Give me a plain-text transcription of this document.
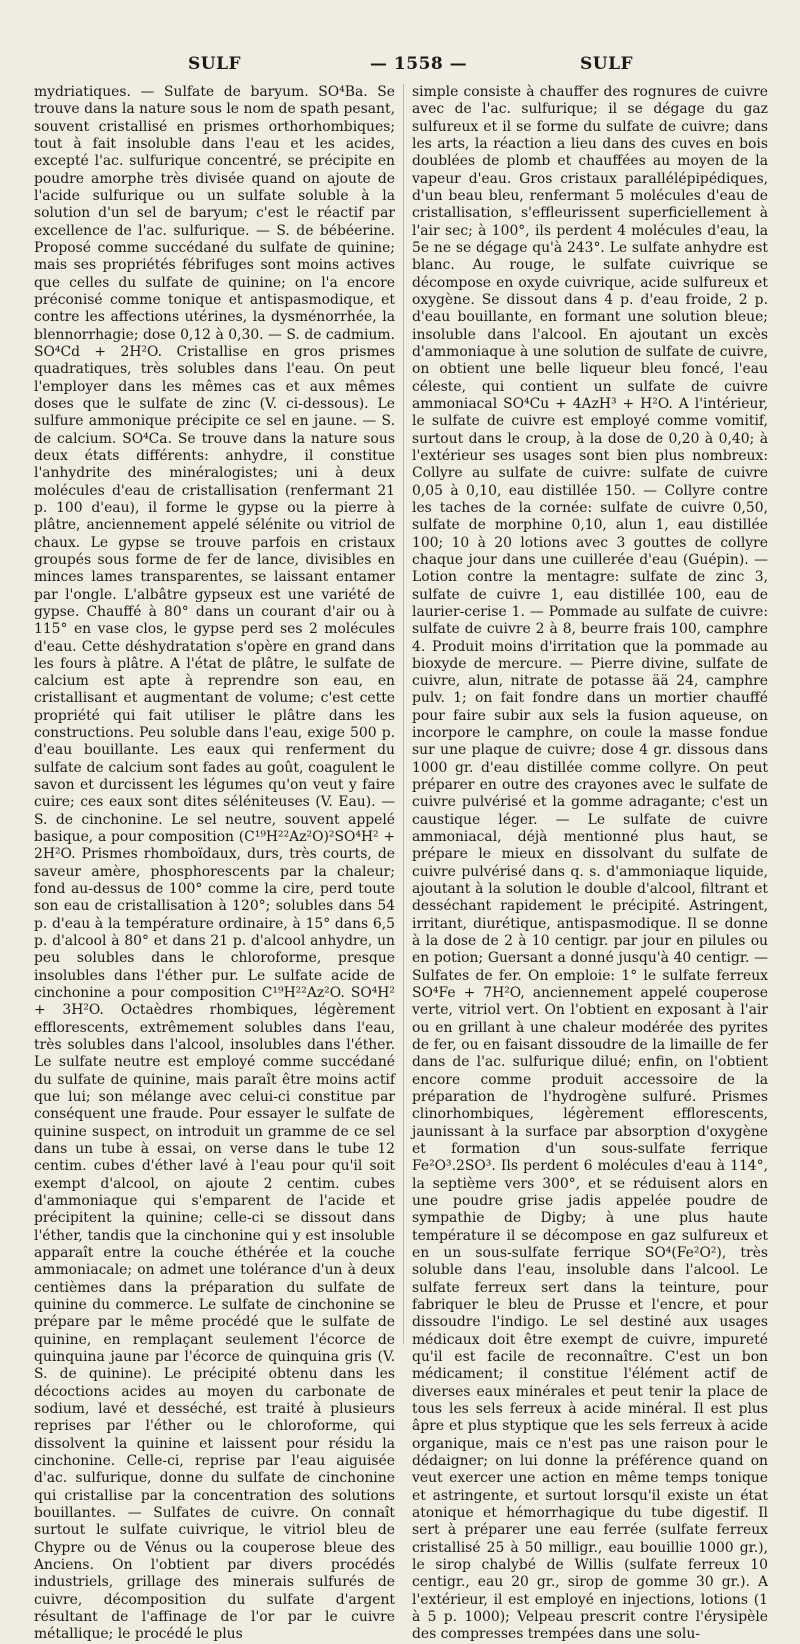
SULF	— 1558 —	SULF

mydriatiques. — Sulfate de baryum. SO⁴Ba. Se trouve dans la nature sous le nom de spath pesant, souvent cristallisé en prismes orthorhombiques; tout à fait insoluble dans l'eau et les acides, excepté l'ac. sulfurique concentré, se précipite en poudre amorphe très divisée quand on ajoute de l'acide sulfurique ou un sulfate soluble à la solution d'un sel de baryum; c'est le réactif par excellence de l'ac. sulfurique. — S. de bébéerine. Proposé comme succédané du sulfate de quinine; mais ses propriétés fébrifuges sont moins actives que celles du sulfate de quinine; on l'a encore préconisé comme tonique et antispasmodique, et contre les affections utérines, la dysménorrhée, la blennorrhagie; dose 0,12 à 0,30. — S. de cadmium. SO⁴Cd + 2H²O. Cristallise en gros prismes quadratiques, très solubles dans l'eau. On peut l'employer dans les mêmes cas et aux mêmes doses que le sulfate de zinc (V. ci-dessous). Le sulfure ammonique précipite ce sel en jaune. — S. de calcium. SO⁴Ca. Se trouve dans la nature sous deux états différents: anhydre, il constitue l'anhydrite des minéralogistes; uni à deux molécules d'eau de cristallisation (renfermant 21 p. 100 d'eau), il forme le gypse ou la pierre à plâtre, anciennement appelé sélénite ou vitriol de chaux. Le gypse se trouve parfois en cristaux groupés sous forme de fer de lance, divisibles en minces lames transparentes, se laissant entamer par l'ongle. L'albâtre gypseux est une variété de gypse. Chauffé à 80° dans un courant d'air ou à 115° en vase clos, le gypse perd ses 2 molécules d'eau. Cette déshydratation s'opère en grand dans les fours à plâtre. A l'état de plâtre, le sulfate de calcium est apte à reprendre son eau, en cristallisant et augmentant de volume; c'est cette propriété qui fait utiliser le plâtre dans les constructions. Peu soluble dans l'eau, exige 500 p. d'eau bouillante. Les eaux qui renferment du sulfate de calcium sont fades au goût, coagulent le savon et durcissent les légumes qu'on veut y faire cuire; ces eaux sont dites séléniteuses (V. Eau). — S. de cinchonine. Le sel neutre, souvent appelé basique, a pour composition (C¹⁹H²²Az²O)²SO⁴H² + 2H²O. Prismes rhomboïdaux, durs, très courts, de saveur amère, phosphorescents par la chaleur; fond au-dessus de 100° comme la cire, perd toute son eau de cristallisation à 120°; solubles dans 54 p. d'eau à la température ordinaire, à 15° dans 6,5 p. d'alcool à 80° et dans 21 p. d'alcool anhydre, un peu solubles dans le chloroforme, presque insolubles dans l'éther pur. Le sulfate acide de cinchonine a pour composition C¹⁹H²²Az²O. SO⁴H² + 3H²O. Octaèdres rhombiques, légèrement efflorescents, extrêmement solubles dans l'eau, très solubles dans l'alcool, insolubles dans l'éther. Le sulfate neutre est employé comme succédané du sulfate de quinine, mais paraît être moins actif que lui; son mélange avec celui-ci constitue par conséquent une fraude. Pour essayer le sulfate de quinine suspect, on introduit un gramme de ce sel dans un tube à essai, on verse dans le tube 12 centim. cubes d'éther lavé à l'eau pour qu'il soit exempt d'alcool, on ajoute 2 centim. cubes d'ammoniaque qui s'emparent de l'acide et précipitent la quinine; celle-ci se dissout dans l'éther, tandis que la cinchonine qui y est insoluble apparaît entre la couche éthérée et la couche ammoniacale; on admet une tolérance d'un à deux centièmes dans la préparation du sulfate de quinine du commerce. Le sulfate de cinchonine se prépare par le même procédé que le sulfate de quinine, en remplaçant seulement l'écorce de quinquina jaune par l'écorce de quinquina gris (V. S. de quinine). Le précipité obtenu dans les décoctions acides au moyen du carbonate de sodium, lavé et desséché, est traité à plusieurs reprises par l'éther ou le chloroforme, qui dissolvent la quinine et laissent pour résidu la cinchonine. Celle-ci, reprise par l'eau aiguisée d'ac. sulfurique, donne du sulfate de cinchonine qui cristallise par la concentration des solutions bouillantes. — Sulfates de cuivre. On connaît surtout le sulfate cuivrique, le vitriol bleu de Chypre ou de Vénus ou la couperose bleue des Anciens. On l'obtient par divers procédés industriels, grillage des minerais sulfurés de cuivre, décomposition du sulfate d'argent résultant de l'affinage de l'or par le cuivre métallique; le procédé le plus

simple consiste à chauffer des rognures de cuivre avec de l'ac. sulfurique; il se dégage du gaz sulfureux et il se forme du sulfate de cuivre; dans les arts, la réaction a lieu dans des cuves en bois doublées de plomb et chauffées au moyen de la vapeur d'eau. Gros cristaux parallélépipédiques, d'un beau bleu, renfermant 5 molécules d'eau de cristallisation, s'effleurissent superficiellement à l'air sec; à 100°, ils perdent 4 molécules d'eau, la 5e ne se dégage qu'à 243°. Le sulfate anhydre est blanc. Au rouge, le sulfate cuivrique se décompose en oxyde cuivrique, acide sulfureux et oxygène. Se dissout dans 4 p. d'eau froide, 2 p. d'eau bouillante, en formant une solution bleue; insoluble dans l'alcool. En ajoutant un excès d'ammoniaque à une solution de sulfate de cuivre, on obtient une belle liqueur bleu foncé, l'eau céleste, qui contient un sulfate de cuivre ammoniacal SO⁴Cu + 4AzH³ + H²O. A l'intérieur, le sulfate de cuivre est employé comme vomitif, surtout dans le croup, à la dose de 0,20 à 0,40; à l'extérieur ses usages sont bien plus nombreux: Collyre au sulfate de cuivre: sulfate de cuivre 0,05 à 0,10, eau distillée 150. — Collyre contre les taches de la cornée: sulfate de cuivre 0,50, sulfate de morphine 0,10, alun 1, eau distillée 100; 10 à 20 lotions avec 3 gouttes de collyre chaque jour dans une cuillerée d'eau (Guépin). — Lotion contre la mentagre: sulfate de zinc 3, sulfate de cuivre 1, eau distillée 100, eau de laurier-cerise 1. — Pommade au sulfate de cuivre: sulfate de cuivre 2 à 8, beurre frais 100, camphre 4. Produit moins d'irritation que la pommade au bioxyde de mercure. — Pierre divine, sulfate de cuivre, alun, nitrate de potasse ää 24, camphre pulv. 1; on fait fondre dans un mortier chauffé pour faire subir aux sels la fusion aqueuse, on incorpore le camphre, on coule la masse fondue sur une plaque de cuivre; dose 4 gr. dissous dans 1000 gr. d'eau distillée comme collyre. On peut préparer en outre des crayones avec le sulfate de cuivre pulvérisé et la gomme adragante; c'est un caustique léger. — Le sulfate de cuivre ammoniacal, déjà mentionné plus haut, se prépare le mieux en dissolvant du sulfate de cuivre pulvérisé dans q. s. d'ammoniaque liquide, ajoutant à la solution le double d'alcool, filtrant et desséchant rapidement le précipité. Astringent, irritant, diurétique, antispasmodique. Il se donne à la dose de 2 à 10 centigr. par jour en pilules ou en potion; Guersant a donné jusqu'à 40 centigr. — Sulfates de fer. On emploie: 1° le sulfate ferreux SO⁴Fe + 7H²O, anciennement appelé couperose verte, vitriol vert. On l'obtient en exposant à l'air ou en grillant à une chaleur modérée des pyrites de fer, ou en faisant dissoudre de la limaille de fer dans de l'ac. sulfurique dilué; enfin, on l'obtient encore comme produit accessoire de la préparation de l'hydrogène sulfuré. Prismes clinorhombiques, légèrement efflorescents, jaunissant à la surface par absorption d'oxygène et formation d'un sous-sulfate ferrique Fe²O³.2SO³. Ils perdent 6 molécules d'eau à 114°, la septième vers 300°, et se réduisent alors en une poudre grise jadis appelée poudre de sympathie de Digby; à une plus haute température il se décompose en gaz sulfureux et en un sous-sulfate ferrique SO⁴(Fe²O²), très soluble dans l'eau, insoluble dans l'alcool. Le sulfate ferreux sert dans la teinture, pour fabriquer le bleu de Prusse et l'encre, et pour dissoudre l'indigo. Le sel destiné aux usages médicaux doit être exempt de cuivre, impureté qu'il est facile de reconnaître. C'est un bon médicament; il constitue l'élément actif de diverses eaux minérales et peut tenir la place de tous les sels ferreux à acide minéral. Il est plus âpre et plus styptique que les sels ferreux à acide organique, mais ce n'est pas une raison pour le dédaigner; on lui donne la préférence quand on veut exercer une action en même temps tonique et astringente, et surtout lorsqu'il existe un état atonique et hémorrhagique du tube digestif. Il sert à préparer une eau ferrée (sulfate ferreux cristallisé 25 à 50 milligr., eau bouillie 1000 gr.), le sirop chalybé de Willis (sulfate ferreux 10 centigr., eau 20 gr., sirop de gomme 30 gr.). A l'extérieur, il est employé en injections, lotions (1 à 5 p. 1000); Velpeau prescrit contre l'érysipèle des compresses trempées dans une solu-
